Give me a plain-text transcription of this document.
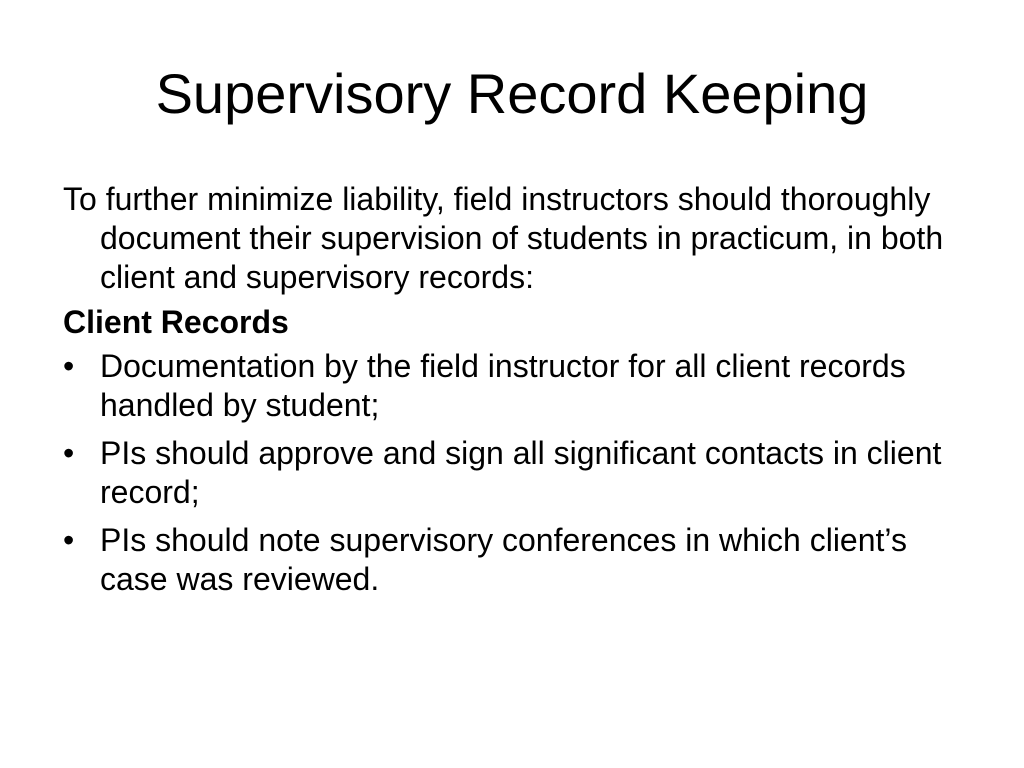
Supervisory Record Keeping

To further minimize liability, field instructors should thoroughly document their supervision of students in practicum, in both client and supervisory records:

Client Records

• Documentation by the field instructor for all client records handled by student;
• PIs should approve and sign all significant contacts in client record;
• PIs should note supervisory conferences in which client’s case was reviewed.
